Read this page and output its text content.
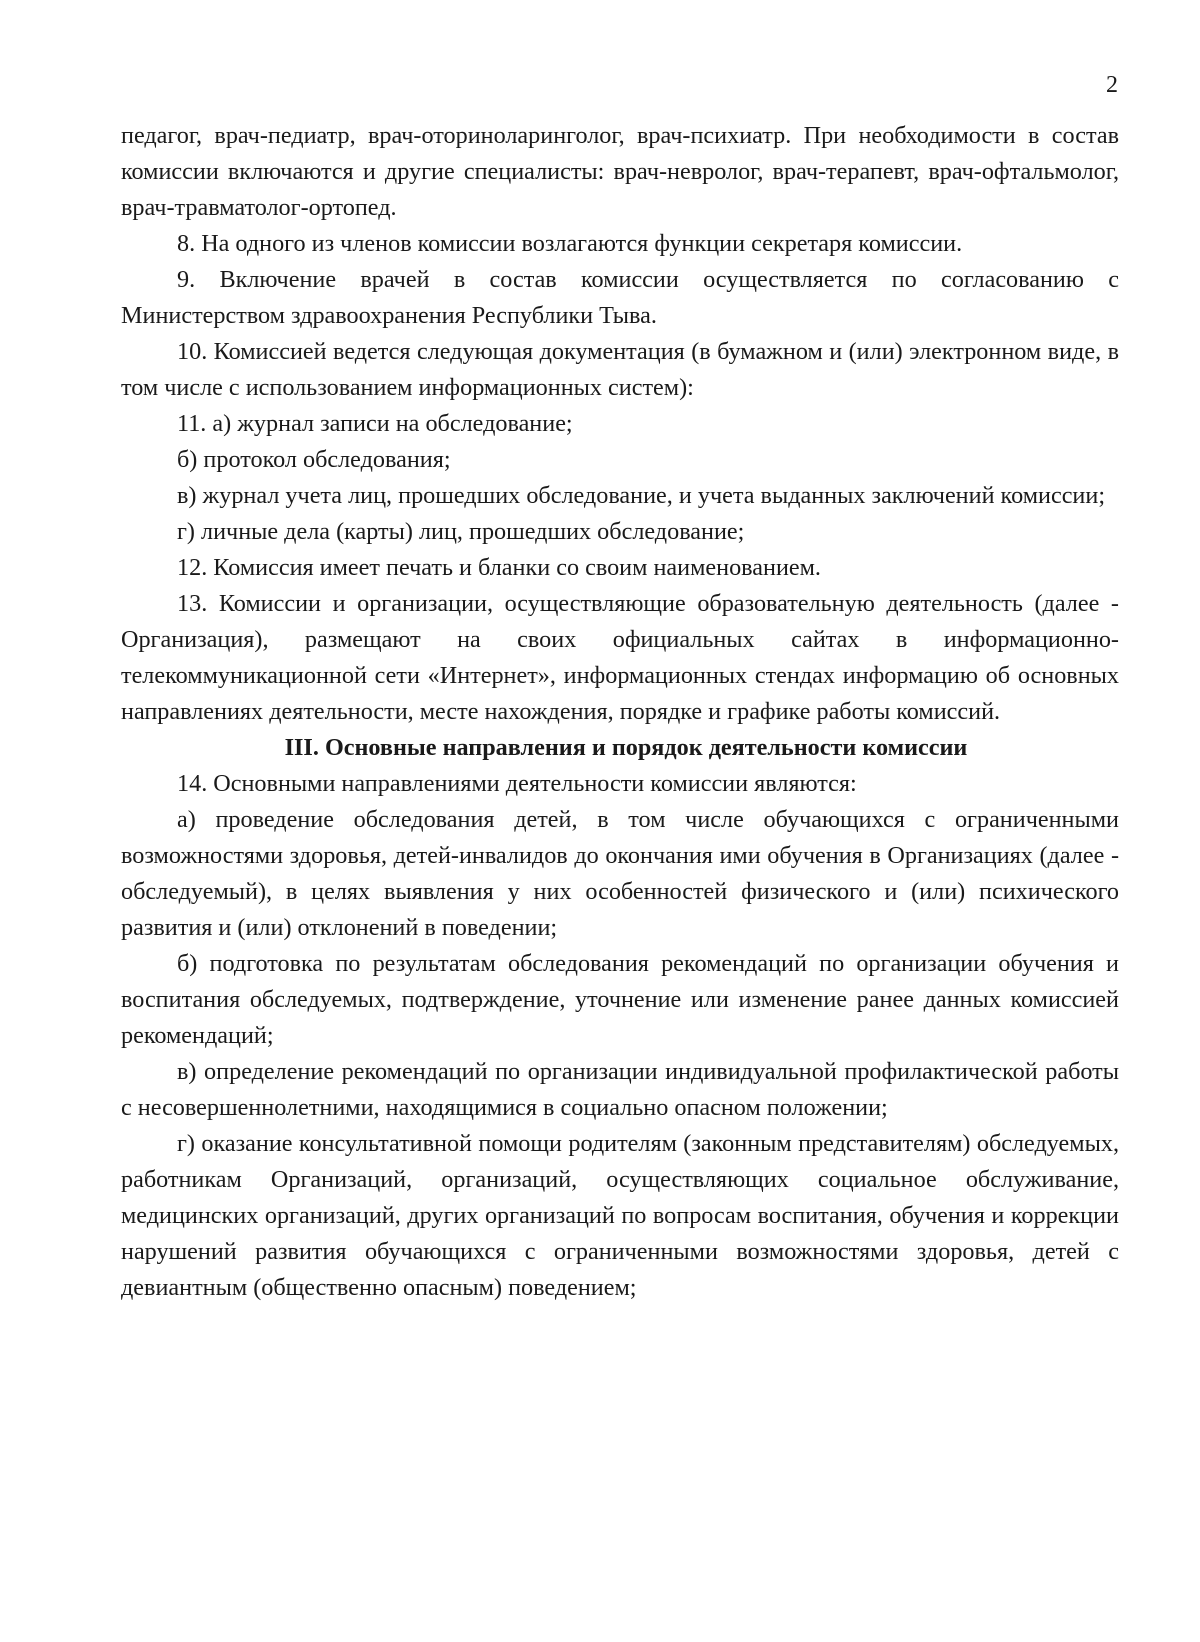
2

педагог, врач-педиатр, врач-оториноларинголог, врач-психиатр. При необходимости в состав комиссии включаются и другие специалисты: врач-невролог, врач-терапевт, врач-офтальмолог, врач-травматолог-ортопед.

8. На одного из членов комиссии возлагаются функции секретаря комиссии.

9. Включение врачей в состав комиссии осуществляется по согласованию с Министерством здравоохранения Республики Тыва.

10. Комиссией ведется следующая документация (в бумажном и (или) электронном виде, в том числе с использованием информационных систем):

11. а) журнал записи на обследование;

б) протокол обследования;

в) журнал учета лиц, прошедших обследование, и учета выданных заключений комиссии;

г) личные дела (карты) лиц, прошедших обследование;

12. Комиссия имеет печать и бланки со своим наименованием.

13. Комиссии и организации, осуществляющие образовательную деятельность (далее - Организация), размещают на своих официальных сайтах в информационно-телекоммуникационной сети «Интернет», информационных стендах информацию об основных направлениях деятельности, месте нахождения, порядке и графике работы комиссий.

III. Основные направления и порядок деятельности комиссии

14. Основными направлениями деятельности комиссии являются:

а) проведение обследования детей, в том числе обучающихся с ограниченными возможностями здоровья, детей-инвалидов до окончания ими обучения в Организациях (далее - обследуемый), в целях выявления у них особенностей физического и (или) психического развития и (или) отклонений в поведении;

б) подготовка по результатам обследования рекомендаций по организации обучения и воспитания обследуемых, подтверждение, уточнение или изменение ранее данных комиссией рекомендаций;

в) определение рекомендаций по организации индивидуальной профилактической работы с несовершеннолетними, находящимися в социально опасном положении;

г) оказание консультативной помощи родителям (законным представителям) обследуемых, работникам Организаций, организаций, осуществляющих социальное обслуживание, медицинских организаций, других организаций по вопросам воспитания, обучения и коррекции нарушений развития обучающихся с ограниченными возможностями здоровья, детей с девиантным (общественно опасным) поведением;
